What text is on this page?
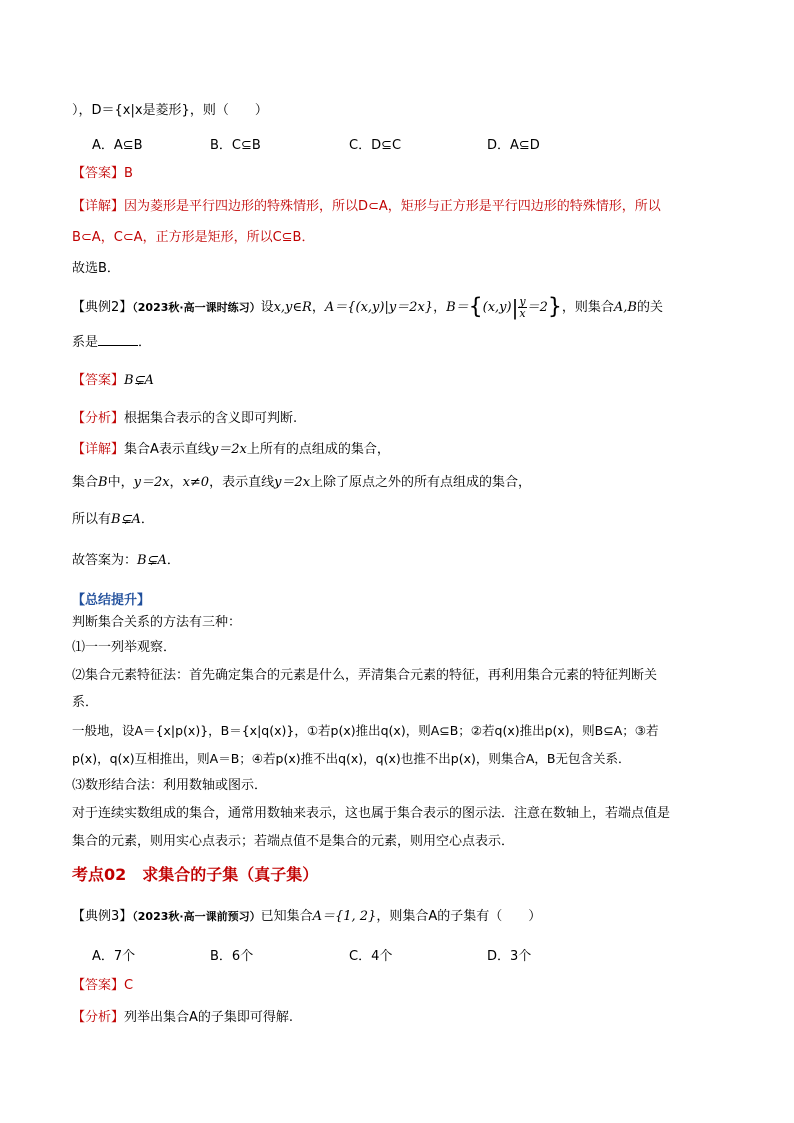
），D＝{x|x是菱形}，则（　　）
A．A⊆B	B．C⊆B	C．D⊆C	D．A⊆D
【答案】B
【详解】因为菱形是平行四边形的特殊情形，所以D⊂A，矩形与正方形是平行四边形的特殊情形，所以
B⊂A，C⊂A，正方形是矩形，所以C⊆B．
故选B．
【典例2】（2023秋·高一课时练习）设x,y∈R，A＝{(x,y)|y＝2x}，$B=\{(x,y)| \frac{y}{x} =2\}$，则集合A,B的关
系是	．
【答案】B⊊A
【分析】根据集合表示的含义即可判断.
【详解】集合A表示直线y＝2x上所有的点组成的集合，
集合B中，y＝2x，x≠0，表示直线y＝2x上除了原点之外的所有点组成的集合，
所以有B⊊A．
故答案为：B⊊A．
【总结提升】
判断集合关系的方法有三种：
⑴一一列举观察．
⑵集合元素特征法：首先确定集合的元素是什么，弄清集合元素的特征，再利用集合元素的特征判断关
系．
一般地，设A＝{x|p(x)}，B＝{x|q(x)}，①若p(x)推出q(x)，则A⊆B；②若q(x)推出p(x)，则B⊆A；③若
p(x)，q(x)互相推出，则A＝B；④若p(x)推不出q(x)，q(x)也推不出p(x)，则集合A，B无包含关系．
⑶数形结合法：利用数轴或图示．
对于连续实数组成的集合，通常用数轴来表示，这也属于集合表示的图示法．注意在数轴上，若端点值是
集合的元素，则用实心点表示；若端点值不是集合的元素，则用空心点表示．
考点02　求集合的子集（真子集）
【典例3】（2023秋·高一课前预习）已知集合A＝{1, 2}，则集合A的子集有（　　）
A．7个	B．6个	C．4个	D．3个
【答案】C
【分析】列举出集合A的子集即可得解.
